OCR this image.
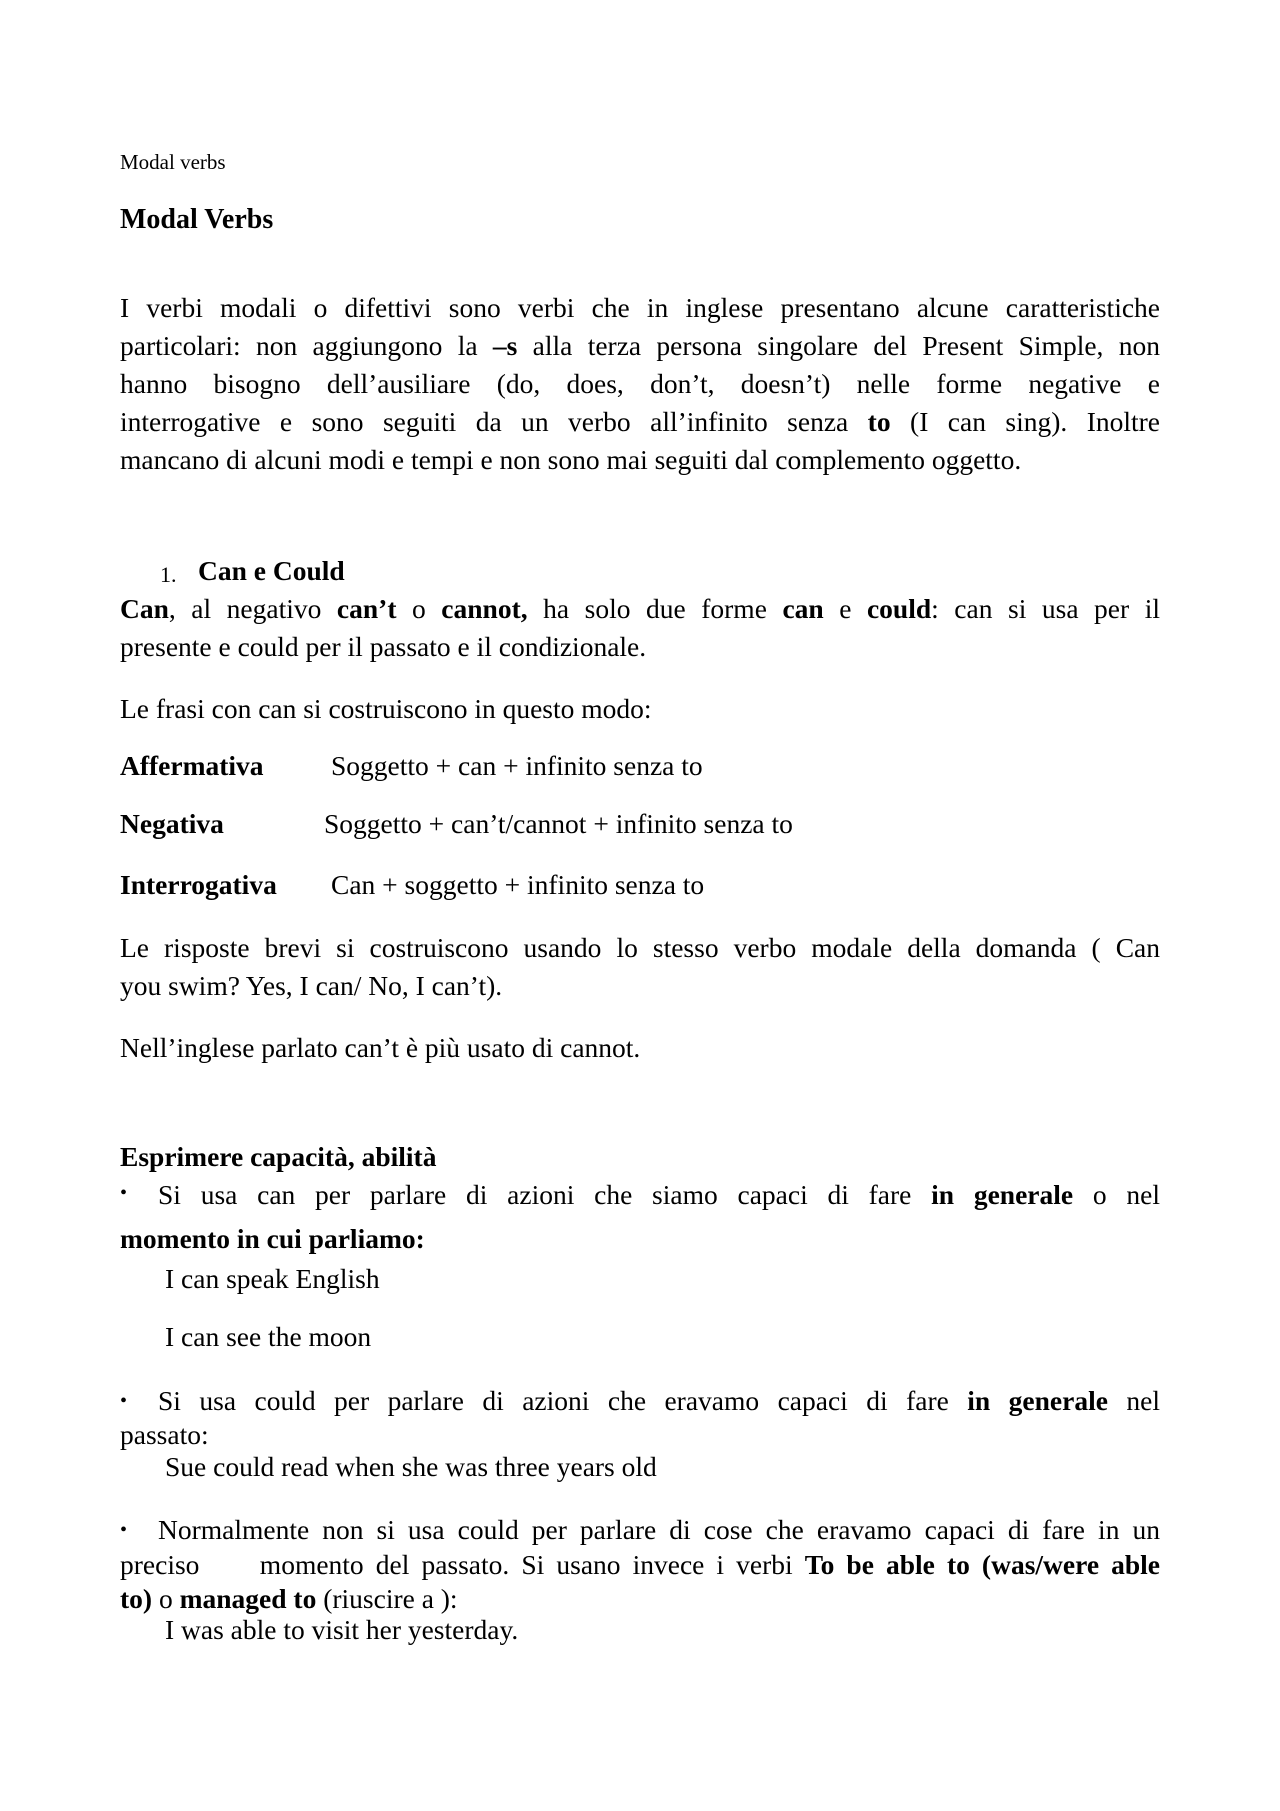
Modal verbs
Modal Verbs
I verbi modali o difettivi sono verbi che in inglese presentano alcune caratteristiche
particolari: non aggiungono la –s alla terza persona singolare del Present Simple, non
hanno bisogno dell’ausiliare (do, does, don’t, doesn’t) nelle forme negative e
interrogative e sono seguiti da un verbo all’infinito senza to (I can sing). Inoltre
mancano di alcuni modi e tempi e non sono mai seguiti dal complemento oggetto.
1. Can e Could
Can, al negativo can’t o cannot, ha solo due forme can e could: can si usa per il
presente e could per il passato e il condizionale.
Le frasi con can si costruiscono in questo modo:
Affermativa Soggetto + can + infinito senza to
Negativa	Soggetto + can’t/cannot + infinito senza to
Interrogativa Can + soggetto + infinito senza to
Le risposte brevi si costruiscono usando lo stesso verbo modale della domanda ( Can
you swim? Yes, I can/ No, I can’t).
Nell’inglese parlato can’t è più usato di cannot.
Esprimere capacità, abilità
• Si usa can per parlare di azioni che siamo capaci di fare in generale o nel
momento in cui parliamo:
I can speak English
I can see the moon
• Si usa could per parlare di azioni che eravamo capaci di fare in generale nel
passato:
Sue could read when she was three years old
• Normalmente non si usa could per parlare di cose che eravamo capaci di fare in un
preciso     momento del passato. Si usano invece i verbi To be able to (was/were able
to) o managed to (riuscire a ):
I was able to visit her yesterday.
